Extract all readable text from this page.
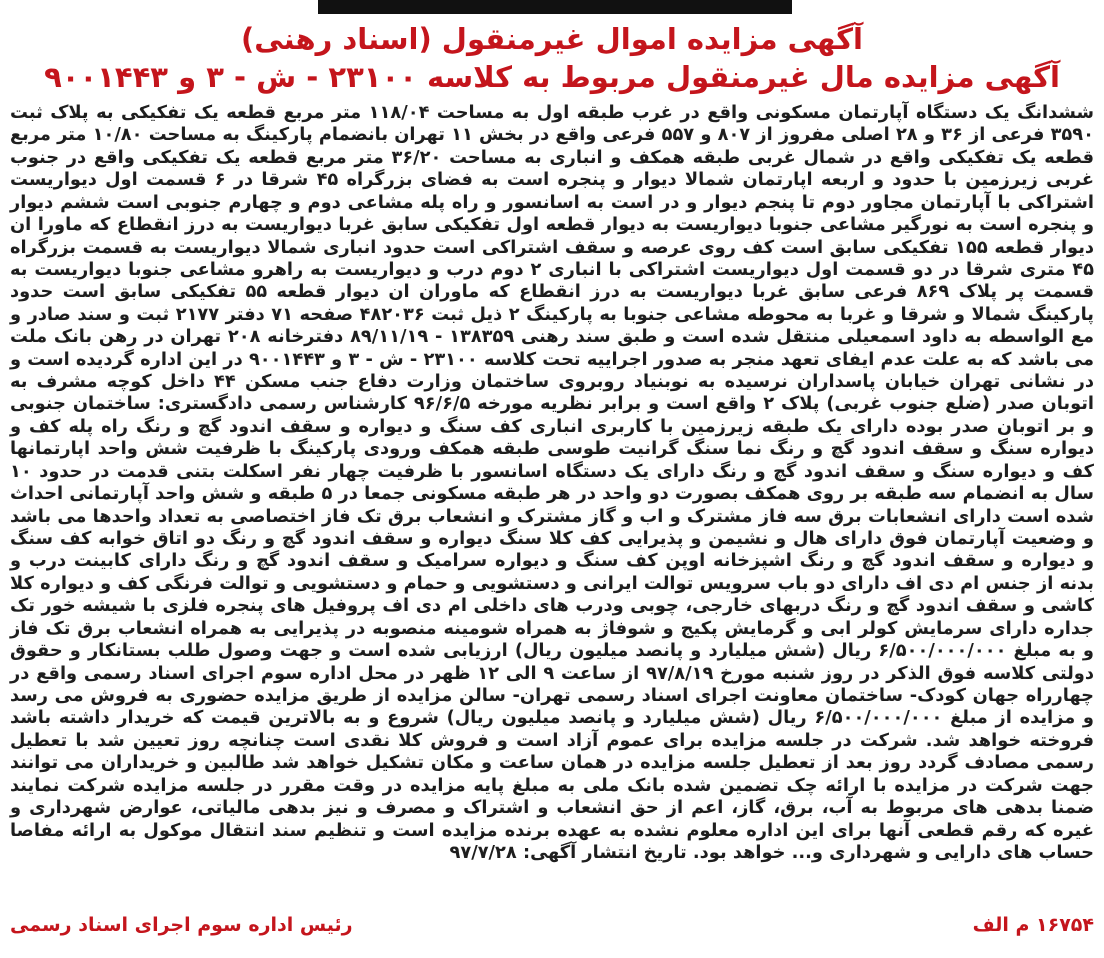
آگهی مزایده اموال غیرمنقول (اسناد رهنی)
آگهی مزایده مال غیرمنقول مربوط به کلاسه ۲۳۱۰۰ - ش - ۳ و ۹۰۰۱۴۴۳

ششدانگ یک دستگاه آپارتمان مسکونی واقع در غرب طبقه اول به مساحت ۱۱۸/۰۴ متر مربع قطعه یک تفکیکی به پلاک ثبت ۳۵۹۰ فرعی از ۳۶ و ۲۸ اصلی مفروز از ۸۰۷ و ۵۵۷ فرعی واقع در بخش ۱۱ تهران بانضمام پارکینگ به مساحت ۱۰/۸۰ متر مربع قطعه یک تفکیکی واقع در شمال غربی طبقه همکف و انباری به مساحت ۳۶/۲۰ متر مربع قطعه یک تفکیکی واقع در جنوب غربی زیرزمین با حدود و اربعه اپارتمان شمالا دیوار و پنجره است به فضای بزرگراه ۴۵ شرقا در ۶ قسمت اول دیواریست اشتراکی با آپارتمان مجاور دوم تا پنجم دیوار و در است به اسانسور و راه پله مشاعی دوم و چهارم جنوبی است ششم دیوار و پنجره است به نورگیر مشاعی جنوبا دیواریست به دیوار قطعه اول تفکیکی سابق غربا دیواریست به درز انقطاع که ماورا ان دیوار قطعه ۱۵۵ تفکیکی سابق است کف روی عرصه و سقف اشتراکی است حدود انباری شمالا دیواریست به قسمت بزرگراه ۴۵ متری شرقا در دو قسمت اول دیواریست اشتراکی با انباری ۲ دوم درب و دیواریست به راهرو مشاعی جنوبا دیواریست به قسمت پر پلاک ۸۶۹ فرعی سابق غربا دیواریست به درز انقطاع که ماوران ان دیوار قطعه ۵۵ تفکیکی سابق است حدود پارکینگ شمالا و شرقا و غربا به محوطه مشاعی جنوبا به پارکینگ ۲ ذیل ثبت ۴۸۲۰۳۶ صفحه ۷۱ دفتر ۲۱۷۷ ثبت و سند صادر و مع الواسطه به داود اسمعیلی منتقل شده است و طبق سند رهنی ۱۳۸۳۵۹ - ۸۹/۱۱/۱۹ دفترخانه ۲۰۸ تهران در رهن بانک ملت می باشد که به علت عدم ایفای تعهد منجر به صدور اجراییه تحت کلاسه ۲۳۱۰۰ - ش - ۳ و ۹۰۰۱۴۴۳ در این اداره گردیده است و در نشانی تهران خیابان پاسداران نرسیده به نوبنیاد روبروی ساختمان وزارت دفاع جنب مسکن ۴۴ داخل کوچه مشرف به اتوبان صدر (ضلع جنوب غربی) پلاک ۲ واقع است و برابر نظریه مورخه ۹۶/۶/۵ کارشناس رسمی دادگستری: ساختمان جنوبی و بر اتوبان صدر بوده دارای یک طبقه زیرزمین با کاربری انباری کف سنگ و دیواره و سقف اندود گچ و رنگ راه پله کف و دیواره سنگ و سقف اندود گچ و رنگ نما سنگ گرانیت طوسی طبقه همکف ورودی پارکینگ با ظرفیت شش واحد اپارتمانها کف و دیواره سنگ و سقف اندود گچ و رنگ دارای یک دستگاه اسانسور با ظرفیت چهار نفر اسکلت بتنی قدمت در حدود ۱۰ سال به انضمام سه طبقه بر روی همکف بصورت دو واحد در هر طبقه مسکونی جمعا در ۵ طبقه و شش واحد آپارتمانی احداث شده است دارای انشعابات برق سه فاز مشترک و اب و گاز مشترک و انشعاب برق تک فاز اختصاصی به تعداد واحدها می باشد و وضعیت آپارتمان فوق دارای هال و نشیمن و پذیرایی کف کلا سنگ دیواره و سقف اندود گچ و رنگ دو اتاق خوابه کف سنگ و دیواره و سقف اندود گچ و رنگ اشپزخانه اوپن کف سنگ و دیواره سرامیک و سقف اندود گچ و رنگ دارای کابینت درب و بدنه از جنس ام دی اف دارای دو باب سرویس توالت ایرانی و دستشویی و حمام و دستشویی و توالت فرنگی کف و دیواره کلا کاشی و سقف اندود گچ و رنگ دربهای خارجی، چوبی ودرب های داخلی ام دی اف پروفیل های پنجره فلزی با شیشه خور تک جداره دارای سرمایش کولر ابی و گرمایش پکیج و شوفاژ به همراه شومینه منصوبه در پذیرایی به همراه انشعاب برق تک فاز و به مبلغ ۶/۵۰۰/۰۰۰/۰۰۰ ریال (شش میلیارد و پانصد میلیون ریال) ارزیابی شده است و جهت وصول طلب بستانکار و حقوق دولتی کلاسه فوق الذکر در روز شنبه مورخ ۹۷/۸/۱۹ از ساعت ۹ الی ۱۲ ظهر در محل اداره سوم اجرای اسناد رسمی واقع در چهارراه جهان کودک- ساختمان معاونت اجرای اسناد رسمی تهران- سالن مزایده از طریق مزایده حضوری به فروش می رسد و مزایده از مبلغ ۶/۵۰۰/۰۰۰/۰۰۰ ریال (شش میلیارد و پانصد میلیون ریال) شروع و به بالاترین قیمت که خریدار داشته باشد فروخته خواهد شد. شرکت در جلسه مزایده برای عموم آزاد است و فروش کلا نقدی است چنانچه روز تعیین شد با تعطیل رسمی مصادف گردد روز بعد از تعطیل جلسه مزایده در همان ساعت و مکان تشکیل خواهد شد طالبین و خریداران می توانند جهت شرکت در مزایده با ارائه چک تضمین شده بانک ملی به مبلغ پایه مزایده در وقت مقرر در جلسه مزایده شرکت نمایند ضمنا بدهی های مربوط به آب، برق، گاز، اعم از حق انشعاب و اشتراک و مصرف و نیز بدهی مالیاتی، عوارض شهرداری و غیره که رقم قطعی آنها برای این اداره معلوم نشده به عهده برنده مزایده است و تنظیم سند انتقال موکول به ارائه مفاصا حساب های دارایی و شهرداری و... خواهد بود. تاریخ انتشار آگهی: ۹۷/۷/۲۸

۱۶۷۵۴ م الف
رئیس اداره سوم اجرای اسناد رسمی
